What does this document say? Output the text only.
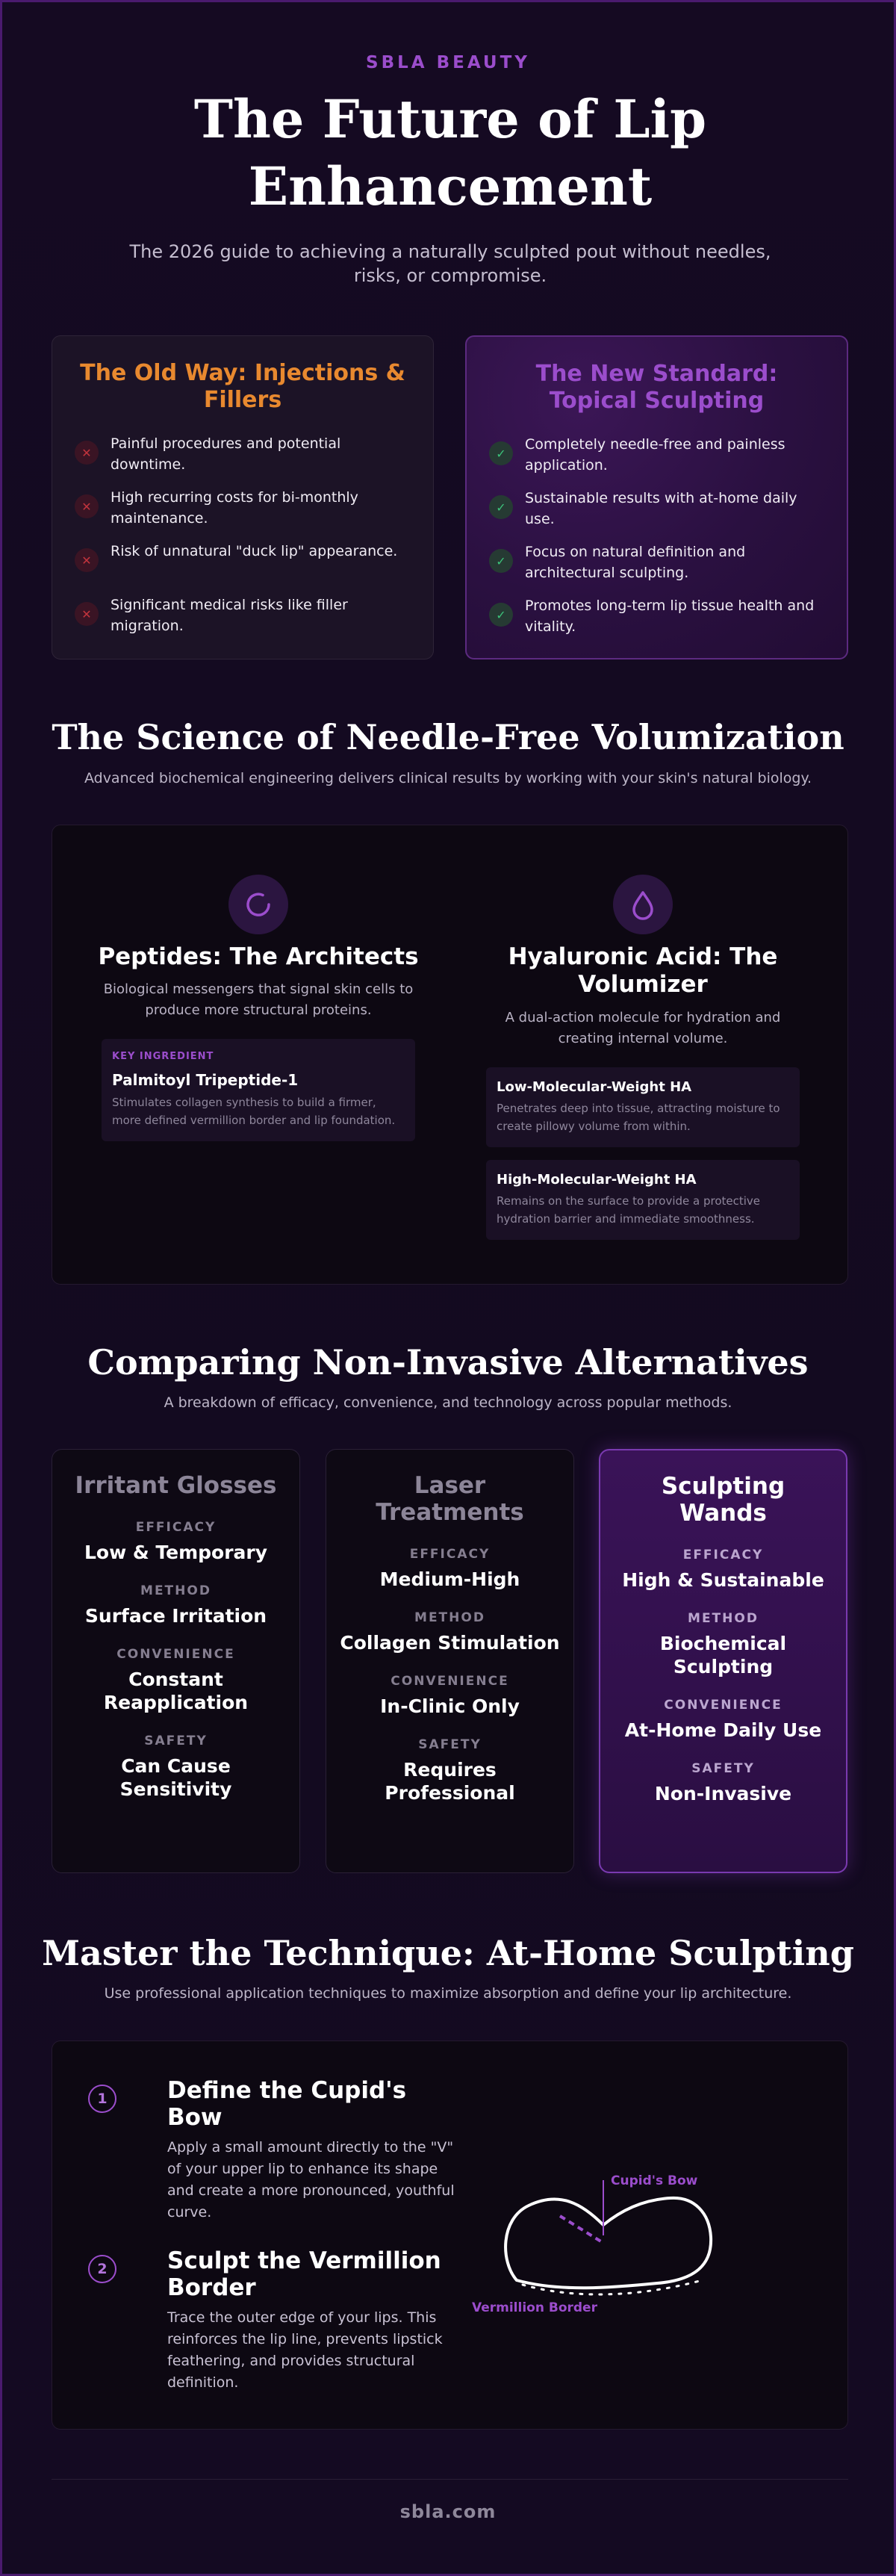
SBLA BEAUTY
The Future of Lip Enhancement
The 2026 guide to achieving a naturally sculpted pout without needles, risks, or compromise.
The Old Way: Injections & Fillers
✕
Painful procedures and potential downtime.
✕
High recurring costs for bi-monthly maintenance.
✕
Risk of unnatural "duck lip" appearance.
✕
Significant medical risks like filler migration.
The New Standard: Topical Sculpting
✓
Completely needle-free and painless application.
✓
Sustainable results with at-home daily use.
✓
Focus on natural definition and architectural sculpting.
✓
Promotes long-term lip tissue health and vitality.
The Science of Needle-Free Volumization
Advanced biochemical engineering delivers clinical results by working with your skin's natural biology.
Peptides: The Architects
Biological messengers that signal skin cells to produce more structural proteins.
KEY INGREDIENT
Palmitoyl Tripeptide-1
Stimulates collagen synthesis to build a firmer, more defined vermillion border and lip foundation.
Hyaluronic Acid: The Volumizer
A dual-action molecule for hydration and creating internal volume.
Low-Molecular-Weight HA
Penetrates deep into tissue, attracting moisture to create pillowy volume from within.
High-Molecular-Weight HA
Remains on the surface to provide a protective hydration barrier and immediate smoothness.
Comparing Non-Invasive Alternatives
A breakdown of efficacy, convenience, and technology across popular methods.
Irritant Glosses
EFFICACY
Low & Temporary
METHOD
Surface Irritation
CONVENIENCE
Constant Reapplication
SAFETY
Can Cause Sensitivity
Laser Treatments
EFFICACY
Medium-High
METHOD
Collagen Stimulation
CONVENIENCE
In-Clinic Only
SAFETY
Requires Professional
Sculpting Wands
EFFICACY
High & Sustainable
METHOD
Biochemical Sculpting
CONVENIENCE
At-Home Daily Use
SAFETY
Non-Invasive
Master the Technique: At-Home Sculpting
Use professional application techniques to maximize absorption and define your lip architecture.
1	Define the Cupid's Bow
Apply a small amount directly to the "V" of your upper lip to enhance its shape and create a more pronounced, youthful curve.
2	Sculpt the Vermillion Border
Trace the outer edge of your lips. This reinforces the lip line, prevents lipstick feathering, and provides structural definition.
Cupid's Bow
Vermillion Border
sbla.com
